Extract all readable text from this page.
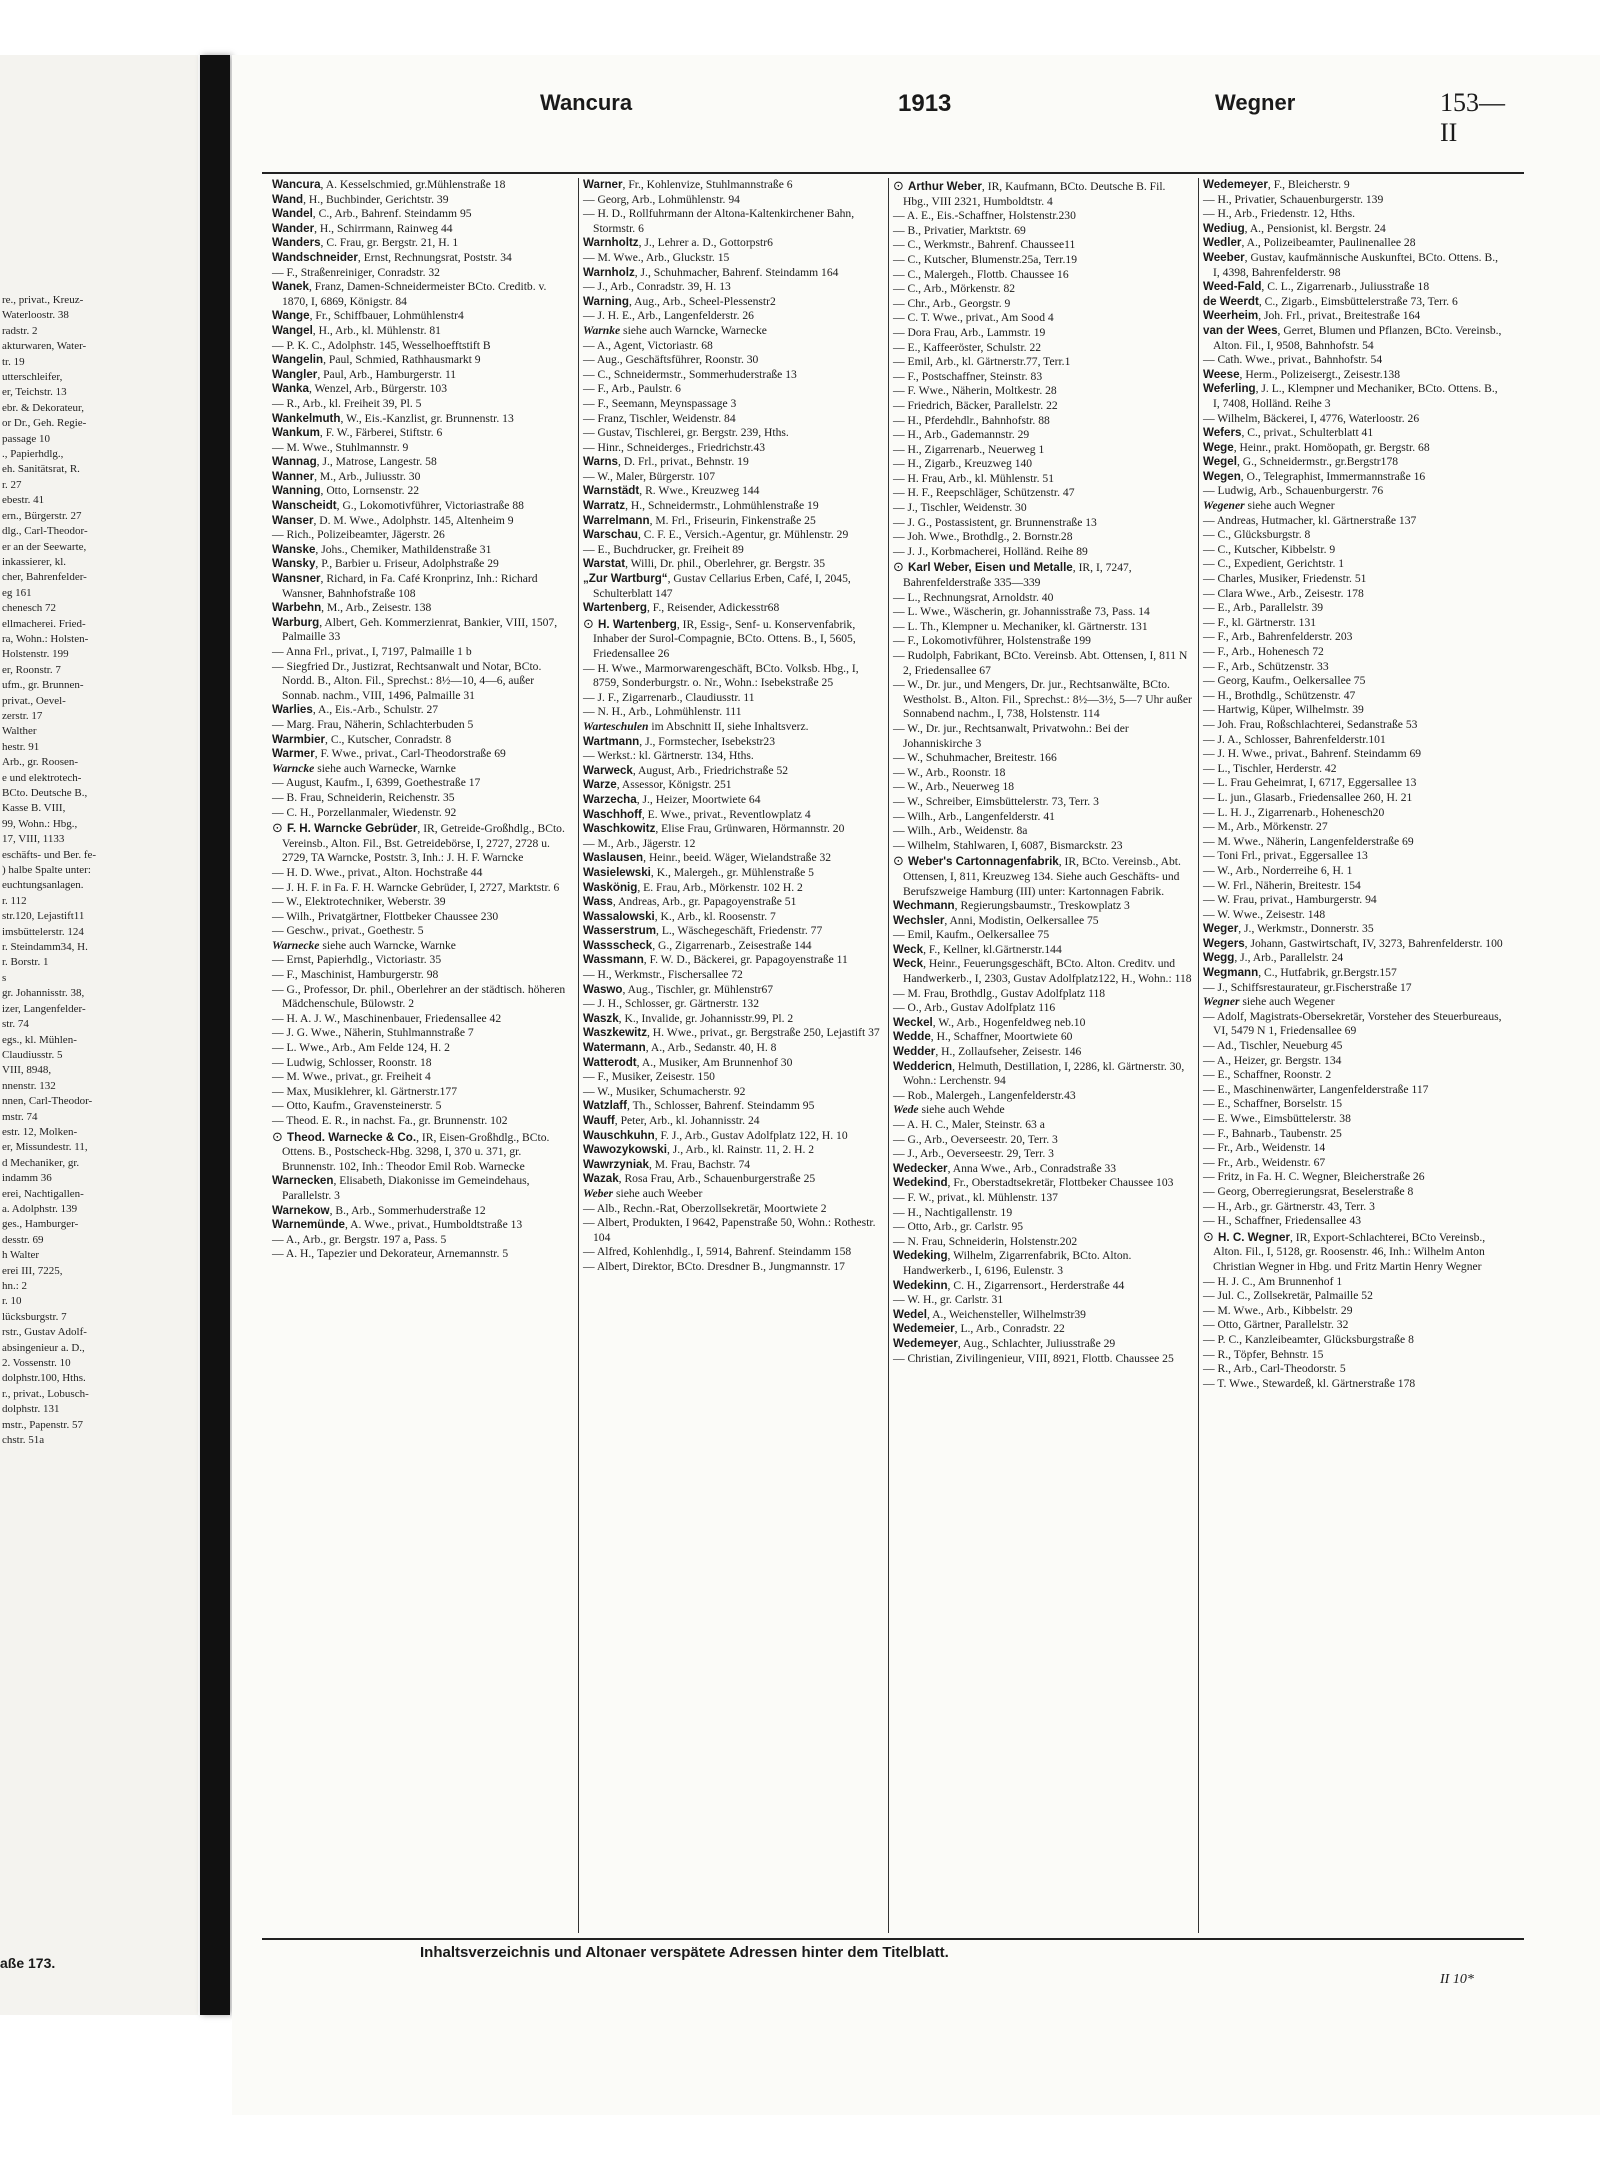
re., privat., Kreuz-
Waterloostr. 38
radstr. 2
akturwaren, Water-
tr. 19
utterschleifer,
er, Teichstr. 13
ebr. & Dekorateur,
or Dr., Geh. Regie-
passage 10
., Papierhdlg.,
eh. Sanitätsrat, R.
r. 27
ebestr. 41
ern., Bürgerstr. 27
dlg., Carl-Theodor-
er an der Seewarte,
inkassierer, kl.
cher, Bahrenfelder-
eg 161
chenesch 72
ellmacherei. Fried-
ra, Wohn.: Holsten-
Holstenstr. 199
er, Roonstr. 7
ufm., gr. Brunnen-
privat., Oevel-
zerstr. 17
Walther
hestr. 91
Arb., gr. Roosen-
e und elektrotech-
BCto. Deutsche B.,
Kasse B. VIII,
99, Wohn.: Hbg.,
17, VIII, 1133
eschäfts- und Ber. fe-
) halbe Spalte unter:
euchtungsanlagen.
r. 112
str.120, Lejastift11
imsbüttelerstr. 124
r. Steindamm34, H.
r. Borstr. 1
s
gr. Johannisstr. 38,
izer, Langenfelder-
str. 74
egs., kl. Mühlen-
Claudiusstr. 5
VIII, 8948,
nnenstr. 132
nnen, Carl-Theodor-
mstr. 74
estr. 12, Molken-
er, Missundestr. 11,
d Mechaniker, gr.
indamm 36
erei, Nachtigallen-
a. Adolphstr. 139
ges., Hamburger-
desstr. 69
h Walter
erei III, 7225,
hn.: 2
r. 10
lücksburgstr. 7
rstr., Gustav Adolf-
absingenieur a. D.,
2. Vossenstr. 10
dolphstr.100, Hths.
r., privat., Lobusch-
dolphstr. 131
mstr., Papenstr. 57
chstr. 51a
aße 173.
Wancura	1913	Wegner	153—II

Wancura, A. Kesselschmied, gr.Mühlenstraße 18

Wand, H., Buchbinder, Gerichtstr. 39

Wandel, C., Arb., Bahrenf. Steindamm 95

Wander, H., Schirrmann, Rainweg 44

Wanders, C. Frau, gr. Bergstr. 21, H. 1

Wandschneider, Ernst, Rechnungsrat, Poststr. 34

— F., Straßenreiniger, Conradstr. 32

Wanek, Franz, Damen-Schneidermeister BCto. Creditb. v. 1870, I, 6869, Königstr. 84

Wange, Fr., Schiffbauer, Lohmühlenstr4

Wangel, H., Arb., kl. Mühlenstr. 81

— P. K. C., Adolphstr. 145, Wesselhoefftstift B

Wangelin, Paul, Schmied, Rathhausmarkt 9

Wangler, Paul, Arb., Hamburgerstr. 11

Wanka, Wenzel, Arb., Bürgerstr. 103

— R., Arb., kl. Freiheit 39, Pl. 5

Wankelmuth, W., Eis.-Kanzlist, gr. Brunnenstr. 13

Wankum, F. W., Färberei, Stiftstr. 6

— M. Wwe., Stuhlmannstr. 9

Wannag, J., Matrose, Langestr. 58

Wanner, M., Arb., Juliusstr. 30

Wanning, Otto, Lornsenstr. 22

Wanscheidt, G., Lokomotivführer, Victoriastraße 88

Wanser, D. M. Wwe., Adolphstr. 145, Altenheim 9

— Rich., Polizeibeamter, Jägerstr. 26

Wanske, Johs., Chemiker, Mathildenstraße 31

Wansky, P., Barbier u. Friseur, Adolphstraße 29

Wansner, Richard, in Fa. Café Kronprinz, Inh.: Richard Wansner, Bahnhofstraße 108

Warbehn, M., Arb., Zeisestr. 138

Warburg, Albert, Geh. Kommerzienrat, Bankier, VIII, 1507, Palmaille 33

— Anna Frl., privat., I, 7197, Palmaille 1 b

— Siegfried Dr., Justizrat, Rechtsanwalt und Notar, BCto. Nordd. B., Alton. Fil., Sprechst.: 8½—10, 4—6, außer Sonnab. nachm., VIII, 1496, Palmaille 31

Warlies, A., Eis.-Arb., Schulstr. 27

— Marg. Frau, Näherin, Schlachterbuden 5

Warmbier, C., Kutscher, Conradstr. 8

Warmer, F. Wwe., privat., Carl-Theodorstraße 69

Warncke siehe auch Warnecke, Warnke

— August, Kaufm., I, 6399, Goethestraße 17

— B. Frau, Schneiderin, Reichenstr. 35

— C. H., Porzellanmaler, Wiedenstr. 92

⊙ F. H. Warncke Gebrüder, IR, Getreide-Großhdlg., BCto. Vereinsb., Alton. Fil., Bst. Getreidebörse, I, 2727, 2728 u. 2729, TA Warncke, Poststr. 3, Inh.: J. H. F. Warncke

— H. D. Wwe., privat., Alton. Hochstraße 44

— J. H. F. in Fa. F. H. Warncke Gebrüder, I, 2727, Marktstr. 6

— W., Elektrotechniker, Weberstr. 39

— Wilh., Privatgärtner, Flottbeker Chaussee 230

— Geschw., privat., Goethestr. 5

Warnecke siehe auch Warncke, Warnke

— Ernst, Papierhdlg., Victoriastr. 35

— F., Maschinist, Hamburgerstr. 98

— G., Professor, Dr. phil., Oberlehrer an der städtisch. höheren Mädchenschule, Bülowstr. 2

— H. A. J. W., Maschinenbauer, Friedensallee 42

— J. G. Wwe., Näherin, Stuhlmannstraße 7

— L. Wwe., Arb., Am Felde 124, H. 2

— Ludwig, Schlosser, Roonstr. 18

— M. Wwe., privat., gr. Freiheit 4

— Max, Musiklehrer, kl. Gärtnerstr.177

— Otto, Kaufm., Gravensteinerstr. 5

— Theod. E. R., in nachst. Fa., gr. Brunnenstr. 102

⊙ Theod. Warnecke & Co., IR, Eisen-Großhdlg., BCto. Ottens. B., Postscheck-Hbg. 3298, I, 370 u. 371, gr. Brunnenstr. 102, Inh.: Theodor Emil Rob. Warnecke

Warnecken, Elisabeth, Diakonisse im Gemeindehaus, Parallelstr. 3

Warnekow, B., Arb., Sommerhuderstraße 12

Warnemünde, A. Wwe., privat., Humboldtstraße 13

— A., Arb., gr. Bergstr. 197 a, Pass. 5

— A. H., Tapezier und Dekorateur, Arnemannstr. 5

Warner, Fr., Kohlenvize, Stuhlmannstraße 6

— Georg, Arb., Lohmühlenstr. 94

— H. D., Rollfuhrmann der Altona-Kaltenkirchener Bahn, Stormstr. 6

Warnholtz, J., Lehrer a. D., Gottorpstr6

— M. Wwe., Arb., Gluckstr. 15

Warnholz, J., Schuhmacher, Bahrenf. Steindamm 164

— J., Arb., Conradstr. 39, H. 13

Warning, Aug., Arb., Scheel-Plessenstr2

— J. H. E., Arb., Langenfelderstr. 26

Warnke siehe auch Warncke, Warnecke

— A., Agent, Victoriastr. 68

— Aug., Geschäftsführer, Roonstr. 30

— C., Schneidermstr., Sommerhuderstraße 13

— F., Arb., Paulstr. 6

— F., Seemann, Meynspassage 3

— Franz, Tischler, Weidenstr. 84

— Gustav, Tischlerei, gr. Bergstr. 239, Hths.

— Hinr., Schneiderges., Friedrichstr.43

Warns, D. Frl., privat., Behnstr. 19

— W., Maler, Bürgerstr. 107

Warnstädt, R. Wwe., Kreuzweg 144

Warratz, H., Schneidermstr., Lohmühlenstraße 19

Warrelmann, M. Frl., Friseurin, Finkenstraße 25

Warschau, C. F. E., Versich.-Agentur, gr. Mühlenstr. 29

— E., Buchdrucker, gr. Freiheit 89

Warstat, Willi, Dr. phil., Oberlehrer, gr. Bergstr. 35

„Zur Wartburg“, Gustav Cellarius Erben, Café, I, 2045, Schulterblatt 147

Wartenberg, F., Reisender, Adickesstr68

⊙ H. Wartenberg, IR, Essig-, Senf- u. Konservenfabrik, Inhaber der Surol-Compagnie, BCto. Ottens. B., I, 5605, Friedensallee 26

— H. Wwe., Marmorwarengeschäft, BCto. Volksb. Hbg., I, 8759, Sonderburgstr. o. Nr., Wohn.: Isebekstraße 25

— J. F., Zigarrenarb., Claudiusstr. 11

— N. H., Arb., Lohmühlenstr. 111

Warteschulen im Abschnitt II, siehe Inhaltsverz.

Wartmann, J., Formstecher, Isebekstr23

— Werkst.: kl. Gärtnerstr. 134, Hths.

Warweck, August, Arb., Friedrichstraße 52

Warze, Assessor, Königstr. 251

Warzecha, J., Heizer, Moortwiete 64

Waschhoff, E. Wwe., privat., Reventlowplatz 4

Waschkowitz, Elise Frau, Grünwaren, Hörmannstr. 20

— M., Arb., Jägerstr. 12

Waslausen, Heinr., beeid. Wäger, Wielandstraße 32

Wasielewski, K., Malergeh., gr. Mühlenstraße 5

Waskönig, E. Frau, Arb., Mörkenstr. 102 H. 2

Wass, Andreas, Arb., gr. Papagoyenstraße 51

Wassalowski, K., Arb., kl. Roosenstr. 7

Wasserstrum, L., Wäschegeschäft, Friedenstr. 77

Wassscheck, G., Zigarrenarb., Zeisestraße 144

Wassmann, F. W. D., Bäckerei, gr. Papagoyenstraße 11

— H., Werkmstr., Fischersallee 72

Waswo, Aug., Tischler, gr. Mühlenstr67

— J. H., Schlosser, gr. Gärtnerstr. 132

Waszk, K., Invalide, gr. Johannisstr.99, Pl. 2

Waszkewitz, H. Wwe., privat., gr. Bergstraße 250, Lejastift 37

Watermann, A., Arb., Sedanstr. 40, H. 8

Watterodt, A., Musiker, Am Brunnenhof 30

— F., Musiker, Zeisestr. 150

— W., Musiker, Schumacherstr. 92

Watzlaff, Th., Schlosser, Bahrenf. Steindamm 95

Wauff, Peter, Arb., kl. Johannisstr. 24

Wauschkuhn, F. J., Arb., Gustav Adolfplatz 122, H. 10

Wawozykowski, J., Arb., kl. Rainstr. 11, 2. H. 2

Wawrzyniak, M. Frau, Bachstr. 74

Wazak, Rosa Frau, Arb., Schauenburgerstraße 25

Weber siehe auch Weeber

— Alb., Rechn.-Rat, Oberzollsekretär, Moortwiete 2

— Albert, Produkten, I 9642, Papenstraße 50, Wohn.: Rothestr. 104

— Alfred, Kohlenhdlg., I, 5914, Bahrenf. Steindamm 158

— Albert, Direktor, BCto. Dresdner B., Jungmannstr. 17

⊙ Arthur Weber, IR, Kaufmann, BCto. Deutsche B. Fil. Hbg., VIII 2321, Humboldtstr. 4

— A. E., Eis.-Schaffner, Holstenstr.230

— B., Privatier, Marktstr. 69

— C., Werkmstr., Bahrenf. Chaussee11

— C., Kutscher, Blumenstr.25a, Terr.19

— C., Malergeh., Flottb. Chaussee 16

— C., Arb., Mörkenstr. 82

— Chr., Arb., Georgstr. 9

— C. T. Wwe., privat., Am Sood 4

— Dora Frau, Arb., Lammstr. 19

— E., Kaffeeröster, Schulstr. 22

— Emil, Arb., kl. Gärtnerstr.77, Terr.1

— F., Postschaffner, Steinstr. 83

— F. Wwe., Näherin, Moltkestr. 28

— Friedrich, Bäcker, Parallelstr. 22

— H., Pferdehdlr., Bahnhofstr. 88

— H., Arb., Gademannstr. 29

— H., Zigarrenarb., Neuerweg 1

— H., Zigarb., Kreuzweg 140

— H. Frau, Arb., kl. Mühlenstr. 51

— H. F., Reepschläger, Schützenstr. 47

— J., Tischler, Weidenstr. 30

— J. G., Postassistent, gr. Brunnenstraße 13

— Joh. Wwe., Brothdlg., 2. Bornstr.28

— J. J., Korbmacherei, Holländ. Reihe 89

⊙ Karl Weber, Eisen und Metalle, IR, I, 7247, Bahrenfelderstraße 335—339

— L., Rechnungsrat, Arnoldstr. 40

— L. Wwe., Wäscherin, gr. Johannisstraße 73, Pass. 14

— L. Th., Klempner u. Mechaniker, kl. Gärtnerstr. 131

— F., Lokomotivführer, Holstenstraße 199

— Rudolph, Fabrikant, BCto. Vereinsb. Abt. Ottensen, I, 811 N 2, Friedensallee 67

— W., Dr. jur., und Mengers, Dr. jur., Rechtsanwälte, BCto. Westholst. B., Alton. Fil., Sprechst.: 8½—3½, 5—7 Uhr außer Sonnabend nachm., I, 738, Holstenstr. 114

— W., Dr. jur., Rechtsanwalt, Privatwohn.: Bei der Johanniskirche 3

— W., Schuhmacher, Breitestr. 166

— W., Arb., Roonstr. 18

— W., Arb., Neuerweg 18

— W., Schreiber, Eimsbüttelerstr. 73, Terr. 3

— Wilh., Arb., Langenfelderstr. 41

— Wilh., Arb., Weidenstr. 8a

— Wilhelm, Stahlwaren, I, 6087, Bismarckstr. 23

⊙ Weber's Cartonnagenfabrik, IR, BCto. Vereinsb., Abt. Ottensen, I, 811, Kreuzweg 134. Siehe auch Geschäfts- und Berufszweige Hamburg (III) unter: Kartonnagen Fabrik.

Wechmann, Regierungsbaumstr., Treskowplatz 3

Wechsler, Anni, Modistin, Oelkersallee 75

— Emil, Kaufm., Oelkersallee 75

Weck, F., Kellner, kl.Gärtnerstr.144

Weck, Heinr., Feuerungsgeschäft, BCto. Alton. Creditv. und Handwerkerb., I, 2303, Gustav Adolfplatz122, H., Wohn.: 118

— M. Frau, Brothdlg., Gustav Adolfplatz 118

— O., Arb., Gustav Adolfplatz 116

Weckel, W., Arb., Hogenfeldweg neb.10

Wedde, H., Schaffner, Moortwiete 60

Wedder, H., Zollaufseher, Zeisestr. 146

Weddericn, Helmuth, Destillation, I, 2286, kl. Gärtnerstr. 30, Wohn.: Lerchenstr. 94

— Rob., Malergeh., Langenfelderstr.43

Wede siehe auch Wehde

— A. H. C., Maler, Steinstr. 63 a

— G., Arb., Oeverseestr. 20, Terr. 3

— J., Arb., Oeverseestr. 29, Terr. 3

Wedecker, Anna Wwe., Arb., Conradstraße 33

Wedekind, Fr., Oberstadtsekretär, Flottbeker Chaussee 103

— F. W., privat., kl. Mühlenstr. 137

— H., Nachtigallenstr. 19

— Otto, Arb., gr. Carlstr. 95

— N. Frau, Schneiderin, Holstenstr.202

Wedeking, Wilhelm, Zigarrenfabrik, BCto. Alton. Handwerkerb., I, 6196, Eulenstr. 3

Wedekinn, C. H., Zigarrensort., Herderstraße 44

— W. H., gr. Carlstr. 31

Wedel, A., Weichensteller, Wilhelmstr39

Wedemeier, L., Arb., Conradstr. 22

Wedemeyer, Aug., Schlachter, Juliusstraße 29

— Christian, Zivilingenieur, VIII, 8921, Flottb. Chaussee 25

Wedemeyer, F., Bleicherstr. 9

— H., Privatier, Schauenburgerstr. 139

— H., Arb., Friedenstr. 12, Hths.

Wediug, A., Pensionist, kl. Bergstr. 24

Wedler, A., Polizeibeamter, Paulinenallee 28

Weeber, Gustav, kaufmännische Auskunftei, BCto. Ottens. B., I, 4398, Bahrenfelderstr. 98

Weed-Fald, C. L., Zigarrenarb., Juliusstraße 18

de Weerdt, C., Zigarb., Eimsbüttelerstraße 73, Terr. 6

Weerheim, Joh. Frl., privat., Breitestraße 164

van der Wees, Gerret, Blumen und Pflanzen, BCto. Vereinsb., Alton. Fil., I, 9508, Bahnhofstr. 54

— Cath. Wwe., privat., Bahnhofstr. 54

Weese, Herm., Polizeisergt., Zeisestr.138

Weferling, J. L., Klempner und Mechaniker, BCto. Ottens. B., I, 7408, Holländ. Reihe 3

— Wilhelm, Bäckerei, I, 4776, Waterloostr. 26

Wefers, C., privat., Schulterblatt 41

Wege, Heinr., prakt. Homöopath, gr. Bergstr. 68

Wegel, G., Schneidermstr., gr.Bergstr178

Wegen, O., Telegraphist, Immermannstraße 16

— Ludwig, Arb., Schauenburgerstr. 76

Wegener siehe auch Wegner

— Andreas, Hutmacher, kl. Gärtnerstraße 137

— C., Glücksburgstr. 8

— C., Kutscher, Kibbelstr. 9

— C., Expedient, Gerichtstr. 1

— Charles, Musiker, Friedenstr. 51

— Clara Wwe., Arb., Zeisestr. 178

— E., Arb., Parallelstr. 39

— F., kl. Gärtnerstr. 131

— F., Arb., Bahrenfelderstr. 203

— F., Arb., Hohenesch 72

— F., Arb., Schützenstr. 33

— Georg, Kaufm., Oelkersallee 75

— H., Brothdlg., Schützenstr. 47

— Hartwig, Küper, Wilhelmstr. 39

— Joh. Frau, Roßschlachterei, Sedanstraße 53

— J. A., Schlosser, Bahrenfelderstr.101

— J. H. Wwe., privat., Bahrenf. Steindamm 69

— L., Tischler, Herderstr. 42

— L. Frau Geheimrat, I, 6717, Eggersallee 13

— L. jun., Glasarb., Friedensallee 260, H. 21

— L. H. J., Zigarrenarb., Hohenesch20

— M., Arb., Mörkenstr. 27

— M. Wwe., Näherin, Langenfelderstraße 69

— Toni Frl., privat., Eggersallee 13

— W., Arb., Norderreihe 6, H. 1

— W. Frl., Näherin, Breitestr. 154

— W. Frau, privat., Hamburgerstr. 94

— W. Wwe., Zeisestr. 148

Weger, J., Werkmstr., Donnerstr. 35

Wegers, Johann, Gastwirtschaft, IV, 3273, Bahrenfelderstr. 100

Wegg, J., Arb., Parallelstr. 24

Wegmann, C., Hutfabrik, gr.Bergstr.157

— J., Schiffsrestaurateur, gr.Fischerstraße 17

Wegner siehe auch Wegener

— Adolf, Magistrats-Obersekretär, Vorsteher des Steuerbureaus, VI, 5479 N 1, Friedensallee 69

— Ad., Tischler, Neueburg 45

— A., Heizer, gr. Bergstr. 134

— E., Schaffner, Roonstr. 2

— E., Maschinenwärter, Langenfelderstraße 117

— E., Schaffner, Borselstr. 15

— E. Wwe., Eimsbüttelerstr. 38

— F., Bahnarb., Taubenstr. 25

— Fr., Arb., Weidenstr. 14

— Fr., Arb., Weidenstr. 67

— Fritz, in Fa. H. C. Wegner, Bleicherstraße 26

— Georg, Oberregierungsrat, Beselerstraße 8

— H., Arb., gr. Gärtnerstr. 43, Terr. 3

— H., Schaffner, Friedensallee 43

⊙ H. C. Wegner, IR, Export-Schlachterei, BCto Vereinsb., Alton. Fil., I, 5128, gr. Roosenstr. 46, Inh.: Wilhelm Anton Christian Wegner in Hbg. und Fritz Martin Henry Wegner

— H. J. C., Am Brunnenhof 1

— Jul. C., Zollsekretär, Palmaille 52

— M. Wwe., Arb., Kibbelstr. 29

— Otto, Gärtner, Parallelstr. 32

— P. C., Kanzleibeamter, Glücksburgstraße 8

— R., Töpfer, Behnstr. 15

— R., Arb., Carl-Theodorstr. 5

— T. Wwe., Stewardeß, kl. Gärtnerstraße 178

Inhaltsverzeichnis und Altonaer verspätete Adressen hinter dem Titelblatt.
II 10*
